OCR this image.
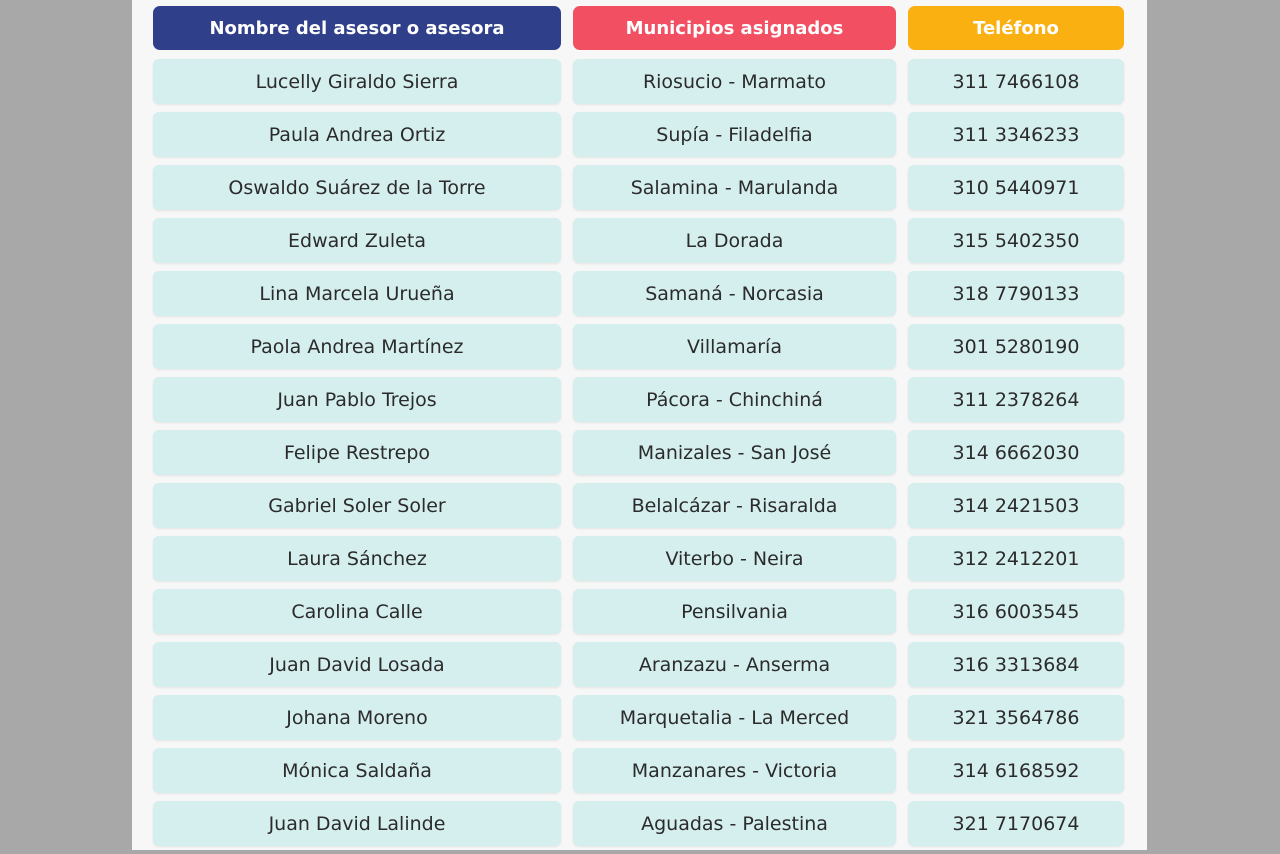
Nombre del asesor o asesora	Municipios asignados	Teléfono
Lucelly Giraldo Sierra	Riosucio - Marmato	311 7466108
Paula Andrea Ortiz	Supía - Filadelfia	311 3346233
Oswaldo Suárez de la Torre	Salamina - Marulanda	310 5440971
Edward Zuleta	La Dorada	315 5402350
Lina Marcela Urueña	Samaná - Norcasia	318 7790133
Paola Andrea Martínez	Villamaría	301 5280190
Juan Pablo Trejos	Pácora - Chinchiná	311 2378264
Felipe Restrepo	Manizales - San José	314 6662030
Gabriel Soler Soler	Belalcázar - Risaralda	314 2421503
Laura Sánchez	Viterbo - Neira	312 2412201
Carolina Calle	Pensilvania	316 6003545
Juan David Losada	Aranzazu - Anserma	316 3313684
Johana Moreno	Marquetalia - La Merced	321 3564786
Mónica Saldaña	Manzanares - Victoria	314 6168592
Juan David Lalinde	Aguadas - Palestina	321 7170674
